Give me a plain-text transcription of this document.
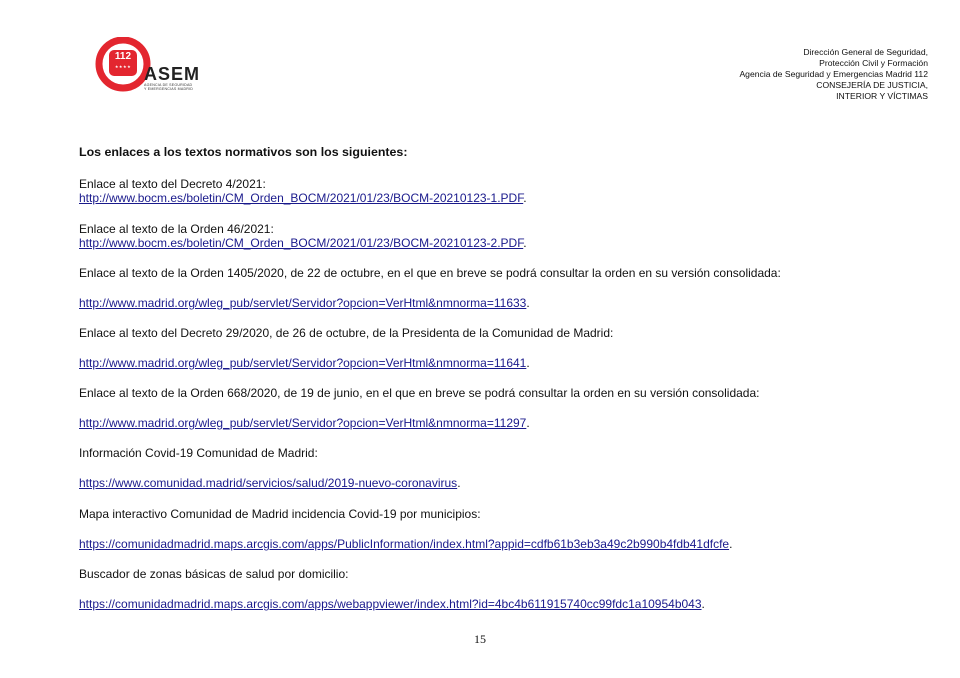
112
★★★★ ASEM
AGENCIA DE SEGURIDAD
Y EMERGENCIAS MADRID
Dirección General de Seguridad,
Protección Civil y Formación
Agencia de Seguridad y Emergencias Madrid 112
CONSEJERÍA DE JUSTICIA,
INTERIOR Y VÍCTIMAS

Los enlaces a los textos normativos son los siguientes:

Enlace al texto del Decreto 4/2021:
http://www.bocm.es/boletin/CM_Orden_BOCM/2021/01/23/BOCM-20210123-1.PDF.
Enlace al texto de la Orden 46/2021:
http://www.bocm.es/boletin/CM_Orden_BOCM/2021/01/23/BOCM-20210123-2.PDF.
Enlace al texto de la Orden 1405/2020, de 22 de octubre, en el que en breve se podrá consultar la orden en su versión consolidada:
http://www.madrid.org/wleg_pub/servlet/Servidor?opcion=VerHtml&nmnorma=11633.
Enlace al texto del Decreto 29/2020, de 26 de octubre, de la Presidenta de la Comunidad de Madrid:
http://www.madrid.org/wleg_pub/servlet/Servidor?opcion=VerHtml&nmnorma=11641.
Enlace al texto de la Orden 668/2020, de 19 de junio, en el que en breve se podrá consultar la orden en su versión consolidada:
http://www.madrid.org/wleg_pub/servlet/Servidor?opcion=VerHtml&nmnorma=11297.
Información Covid-19 Comunidad de Madrid:
https://www.comunidad.madrid/servicios/salud/2019-nuevo-coronavirus.
Mapa interactivo Comunidad de Madrid incidencia Covid-19 por municipios:
https://comunidadmadrid.maps.arcgis.com/apps/PublicInformation/index.html?appid=cdfb61b3eb3a49c2b990b4fdb41dfcfe.
Buscador de zonas básicas de salud por domicilio:
https://comunidadmadrid.maps.arcgis.com/apps/webappviewer/index.html?id=4bc4b611915740cc99fdc1a10954b043.
15
